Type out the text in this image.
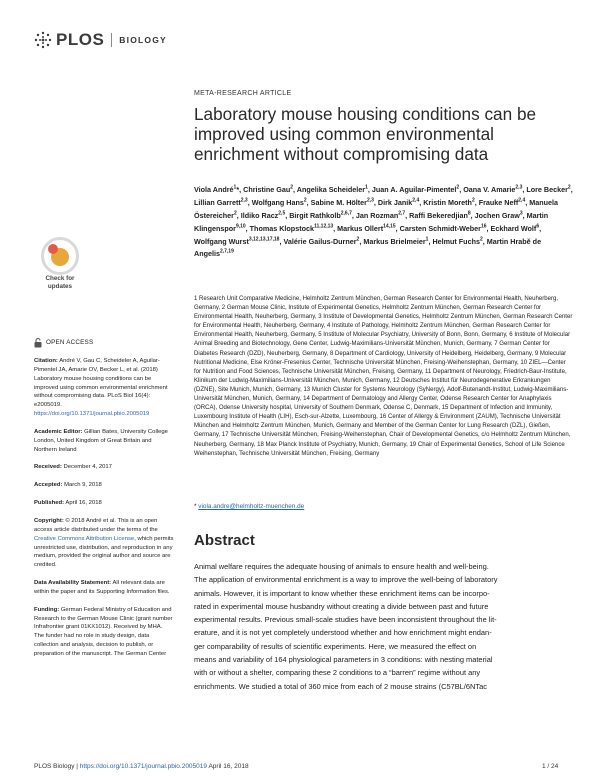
PLOS BIOLOGY
META-RESEARCH ARTICLE
Laboratory mouse housing conditions can be improved using common environmental enrichment without compromising data
Viola André$^1$*, Christine Gau$^2$, Angelika Scheideler$^1$, Juan A. Aguilar-Pimentel$^2$, Oana V. Amarie$^{2,3}$, Lore Becker$^2$, Lillian Garrett$^{2,3}$, Wolfgang Hans$^2$, Sabine M. Hölter$^{2,3}$, Dirk Janik$^{2,4}$, Kristin Moreth$^2$, Frauke Neff$^{2,4}$, Manuela Östereicher$^2$, Ildiko Racz$^{2,5}$, Birgit Rathkolb$^{2,6,7}$, Jan Rozman$^{2,7}$, Raffi Bekeredjian$^8$, Jochen Graw$^3$, Martin Klingenspor$^{9,10}$, Thomas Klopstock$^{11,12,13}$, Markus Ollert$^{14,15}$, Carsten Schmidt-Weber$^{16}$, Eckhard Wolf$^6$, Wolfgang Wurst$^{3,12,13,17,18}$, Valérie Gailus-Durner$^2$, Markus Brielmeier$^1$, Helmut Fuchs$^2$, Martin Hrabě de Angelis$^{2,7,19}$
1 Research Unit Comparative Medicine, Helmholtz Zentrum München, German Research Center for Environmental Health, Neuherberg, Germany, 2 German Mouse Clinic, Institute of Experimental Genetics, Helmholtz Zentrum München, German Research Center for Environmental Health, Neuherberg, Germany, 3 Institute of Developmental Genetics, Helmholtz Zentrum München, German Research Center for Environmental Health, Neuherberg, Germany, 4 Institute of Pathology, Helmholtz Zentrum München, German Research Center for Environmental Health, Neuherberg, Germany, 5 Institute of Molecular Psychiatry, University of Bonn, Bonn, Germany, 6 Institute of Molecular Animal Breeding and Biotechnology, Gene Center, Ludwig-Maximilians-Universität München, Munich, Germany, 7 German Center for Diabetes Research (DZD), Neuherberg, Germany, 8 Department of Cardiology, University of Heidelberg, Heidelberg, Germany, 9 Molecular Nutritional Medicine, Else Kröner-Fresenius Center, Technische Universität München, Freising-Weihenstephan, Germany, 10 ZIEL—Center for Nutrition and Food Sciences, Technische Universität München, Freising, Germany, 11 Department of Neurology, Friedrich-Baur-Institute, Klinikum der Ludwig-Maximilians-Universität München, Munich, Germany, 12 Deutsches Institut für Neurodegenerative Erkrankungen (DZNE), Site Munich, Munich, Germany, 13 Munich Cluster for Systems Neurology (SyNergy), Adolf-Butenandt-Institut, Ludwig-Maximilians-Universität München, Munich, Germany, 14 Department of Dermatology and Allergy Center, Odense Research Center for Anaphylaxis (ORCA), Odense University hospital, University of Southern Denmark, Odense C, Denmark, 15 Department of Infection and Immunity, Luxembourg Institute of Health (LIH), Esch-sur-Alzette, Luxembourg, 16 Center of Allergy & Environment (ZAUM), Technische Universität München and Helmholtz Zentrum München, Munich, Germany and Member of the German Center for Lung Research (DZL), Gießen, Germany, 17 Technische Universität München, Freising-Weihenstephan, Chair of Developmental Genetics, c/o Helmholtz Zentrum München, Neuherberg, Germany, 18 Max Planck Institute of Psychiatry, Munich, Germany, 19 Chair of Experimental Genetics, School of Life Science Weihenstephan, Technische Universität München, Freising, Germany
* viola.andre@helmholtz-muenchen.de
Check for
updates
OPEN ACCESS
Citation: André V, Gau C, Scheideler A, Aguilar-Pimentel JA, Amarie OV, Becker L, et al. (2018) Laboratory mouse housing conditions can be improved using common environmental enrichment without compromising data. PLoS Biol 16(4): e2005019. https://doi.org/10.1371/journal.pbio.2005019
Academic Editor: Gillian Bates, University College London, United Kingdom of Great Britain and Northern Ireland
Received: December 4, 2017
Accepted: March 9, 2018
Published: April 16, 2018
Copyright: © 2018 André et al. This is an open access article distributed under the terms of the Creative Commons Attribution License, which permits unrestricted use, distribution, and reproduction in any medium, provided the original author and source are credited.
Data Availability Statement: All relevant data are within the paper and its Supporting Information files.
Funding: German Federal Ministry of Education and Research to the German Mouse Clinic (grant number Infrafrontier grant 01KX1012). Received by MHA. The funder had no role in study design, data collection and analysis, decision to publish, or preparation of the manuscript. The German Center
Abstract
Animal welfare requires the adequate housing of animals to ensure health and well-being.
The application of environmental enrichment is a way to improve the well-being of laboratory
animals. However, it is important to know whether these enrichment items can be incorpo-
rated in experimental mouse husbandry without creating a divide between past and future
experimental results. Previous small-scale studies have been inconsistent throughout the lit-
erature, and it is not yet completely understood whether and how enrichment might endan-
ger comparability of results of scientific experiments. Here, we measured the effect on
means and variability of 164 physiological parameters in 3 conditions: with nesting material
with or without a shelter, comparing these 2 conditions to a “barren” regime without any
enrichments. We studied a total of 360 mice from each of 2 mouse strains (C57BL/6NTac
PLOS Biology | https://doi.org/10.1371/journal.pbio.2005019 April 16, 2018	1 / 24
